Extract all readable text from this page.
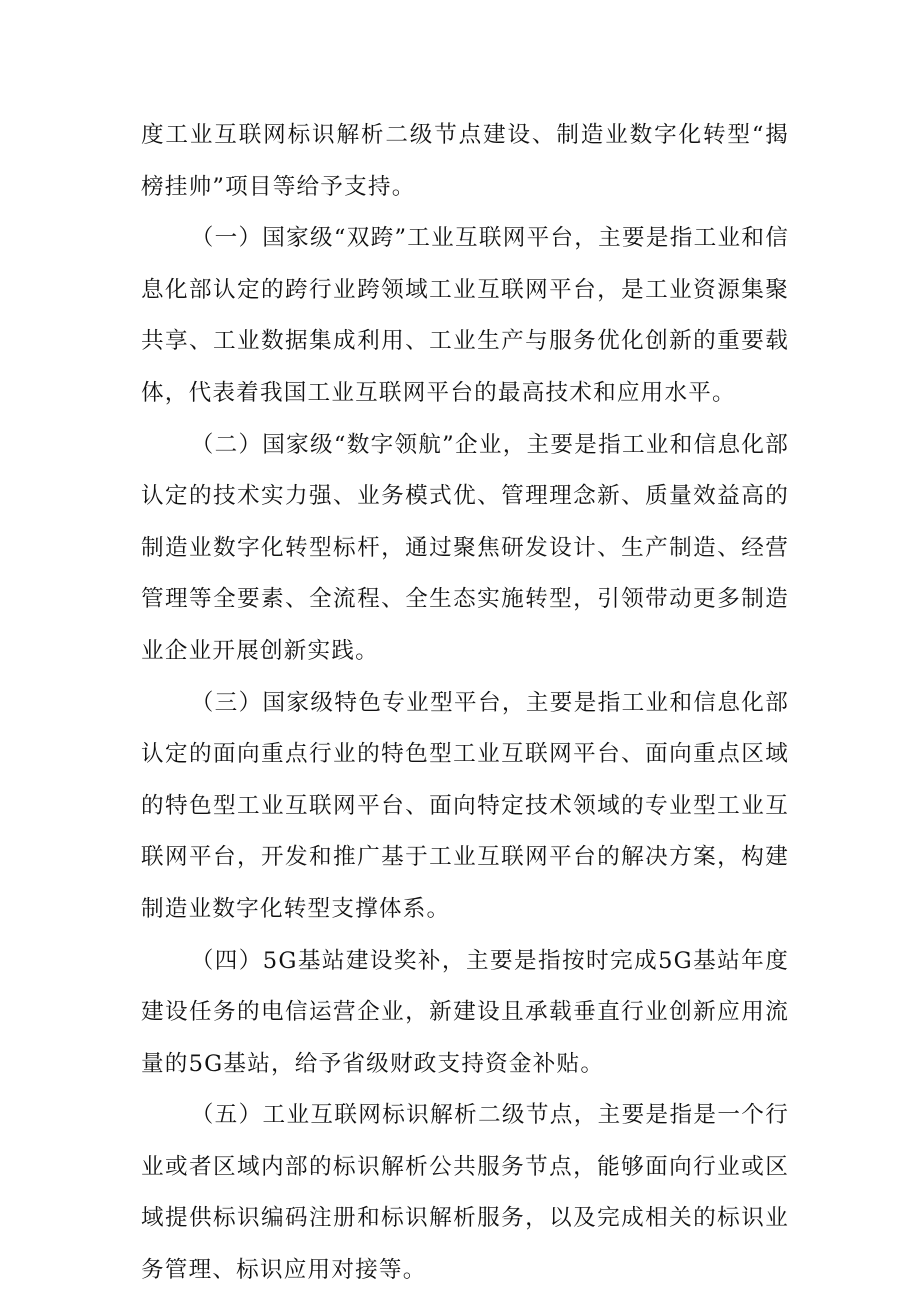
度工业互联网标识解析二级节点建设、制造业数字化转型“揭榜挂帅”项目等给予支持。

（一）国家级“双跨”工业互联网平台，主要是指工业和信息化部认定的跨行业跨领域工业互联网平台，是工业资源集聚共享、工业数据集成利用、工业生产与服务优化创新的重要载体，代表着我国工业互联网平台的最高技术和应用水平。

（二）国家级“数字领航”企业，主要是指工业和信息化部认定的技术实力强、业务模式优、管理理念新、质量效益高的制造业数字化转型标杆，通过聚焦研发设计、生产制造、经营管理等全要素、全流程、全生态实施转型，引领带动更多制造业企业开展创新实践。

（三）国家级特色专业型平台，主要是指工业和信息化部认定的面向重点行业的特色型工业互联网平台、面向重点区域的特色型工业互联网平台、面向特定技术领域的专业型工业互联网平台，开发和推广基于工业互联网平台的解决方案，构建制造业数字化转型支撑体系。

（四）5G基站建设奖补，主要是指按时完成5G基站年度建设任务的电信运营企业，新建设且承载垂直行业创新应用流量的5G基站，给予省级财政支持资金补贴。

（五）工业互联网标识解析二级节点，主要是指是一个行业或者区域内部的标识解析公共服务节点，能够面向行业或区域提供标识编码注册和标识解析服务，以及完成相关的标识业务管理、标识应用对接等。
